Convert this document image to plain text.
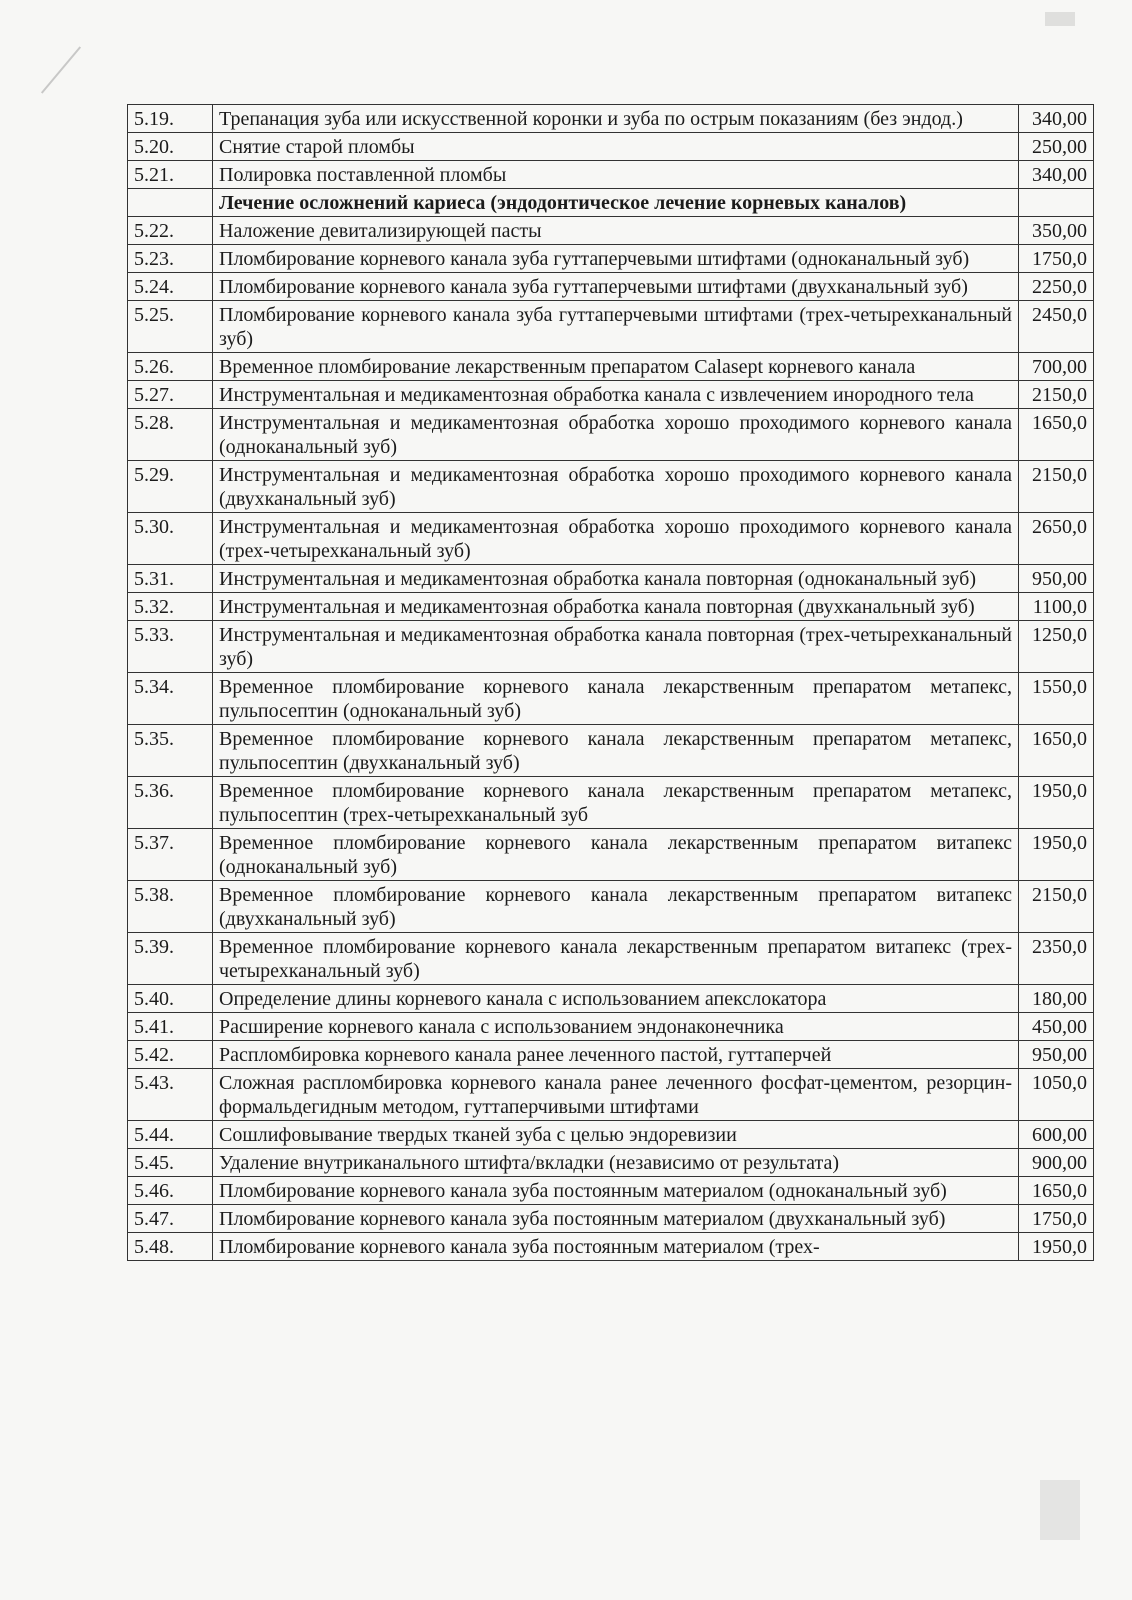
5.19.	Трепанация зуба или искусственной коронки и зуба по острым показаниям (без эндод.)	340,00
5.20.	Снятие старой пломбы	250,00
5.21.	Полировка поставленной пломбы	340,00
	Лечение осложнений кариеса (эндодонтическое лечение корневых каналов)	
5.22.	Наложение девитализирующей пасты	350,00
5.23.	Пломбирование корневого канала зуба гуттаперчевыми штифтами (одноканальный зуб)	1750,0
5.24.	Пломбирование корневого канала зуба гуттаперчевыми штифтами (двухканальный зуб)	2250,0
5.25.	Пломбирование корневого канала зуба гуттаперчевыми штифтами (трех-четырехканальный зуб)	2450,0
5.26.	Временное пломбирование лекарственным препаратом Calasept корневого канала	700,00
5.27.	Инструментальная и медикаментозная обработка канала с извлечением инородного тела	2150,0
5.28.	Инструментальная и медикаментозная обработка хорошо проходимого корневого канала (одноканальный зуб)	1650,0
5.29.	Инструментальная и медикаментозная обработка хорошо проходимого корневого канала (двухканальный зуб)	2150,0
5.30.	Инструментальная и медикаментозная обработка хорошо проходимого корневого канала (трех-четырехканальный зуб)	2650,0
5.31.	Инструментальная и медикаментозная обработка канала повторная (одноканальный зуб)	950,00
5.32.	Инструментальная и медикаментозная обработка канала повторная (двухканальный зуб)	1100,0
5.33.	Инструментальная и медикаментозная обработка канала повторная (трех-четырехканальный зуб)	1250,0
5.34.	Временное пломбирование корневого канала лекарственным препаратом метапекс, пульпосептин (одноканальный зуб)	1550,0
5.35.	Временное пломбирование корневого канала лекарственным препаратом метапекс, пульпосептин (двухканальный зуб)	1650,0
5.36.	Временное пломбирование корневого канала лекарственным препаратом метапекс, пульпосептин (трех-четырехканальный зуб	1950,0
5.37.	Временное пломбирование корневого канала лекарственным препаратом витапекс (одноканальный зуб)	1950,0
5.38.	Временное пломбирование корневого канала лекарственным препаратом витапекс (двухканальный зуб)	2150,0
5.39.	Временное пломбирование корневого канала лекарственным препаратом витапекс (трех-четырехканальный зуб)	2350,0
5.40.	Определение длины корневого канала с использованием апекслокатора	180,00
5.41.	Расширение корневого канала с использованием эндонаконечника	450,00
5.42.	Распломбировка корневого канала ранее леченного пастой, гуттаперчей	950,00
5.43.	Сложная распломбировка корневого канала ранее леченного фосфат-цементом, резорцин-формальдегидным методом, гуттаперчивыми штифтами	1050,0
5.44.	Сошлифовывание твердых тканей зуба с целью эндоревизии	600,00
5.45.	Удаление внутриканального штифта/вкладки (независимо от результата)	900,00
5.46.	Пломбирование корневого канала зуба постоянным материалом (одноканальный зуб)	1650,0
5.47.	Пломбирование корневого канала зуба постоянным материалом (двухканальный зуб)	1750,0
5.48.	Пломбирование корневого канала зуба постоянным материалом (трех-	1950,0
